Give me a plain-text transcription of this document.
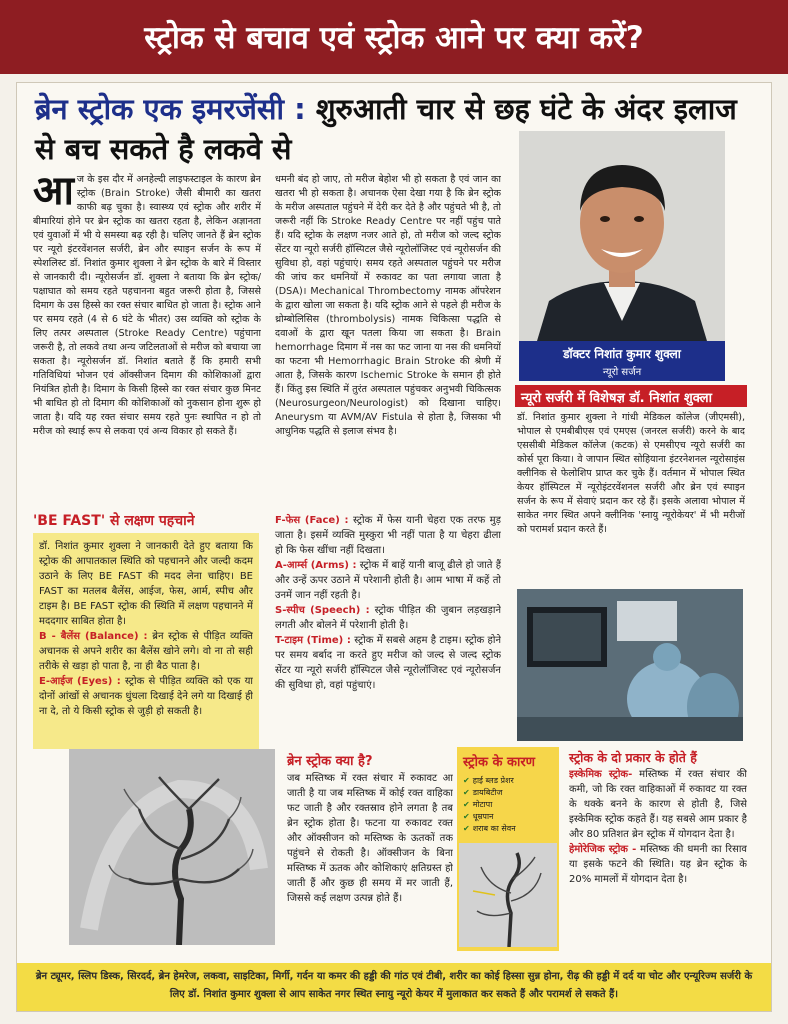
स्ट्रोक से बचाव एवं स्ट्रोक आने पर क्या करें?
ब्रेन स्ट्रोक एक इमरजेंसी : शुरुआती चार से छह घंटे के अंदर इलाज से बच सकते है लकवे से
आ ज के इस दौर में अनहेल्दी लाइफस्टाइल के कारण ब्रेन स्ट्रोक (Brain Stroke) जैसी बीमारी का खतरा काफी बढ़ चुका है। स्वास्थ्य एवं स्ट्रोक और शरीर में बीमारियां होने पर ब्रेन स्ट्रोक का खतरा रहता है, लेकिन अज्ञानता एवं युवाओं में भी ये समस्या बढ़ रही है। चलिए जानते हैं ब्रेन स्ट्रोक पर न्यूरो इंटरवेंशनल सर्जरी, ब्रेन और स्पाइन सर्जन के रूप में स्पेशलिस्ट डॉ. निशांत कुमार शुक्ला ने ब्रेन स्ट्रोक के बारे में विस्तार से जानकारी दी। न्यूरोसर्जन डॉ. शुक्ला ने बताया कि ब्रेन स्ट्रोक/पक्षाघात को समय रहते पहचानना बहुत जरूरी होता है, जिससे दिमाग के उस हिस्से का रक्त संचार बाधित हो जाता है। स्ट्रोक आने पर समय रहते (4 से 6 घंटे के भीतर) उस व्यक्ति को स्ट्रोक के लिए तत्पर अस्पताल (Stroke Ready Centre) पहुंचाना जरूरी है, तो लकवे तथा अन्य जटिलताओं से मरीज को बचाया जा सकता है। न्यूरोसर्जन डॉ. निशांत बताते हैं कि हमारी सभी गतिविधियां भोजन एवं ऑक्सीजन दिमाग की कोशिकाओं द्वारा नियंत्रित होती है। दिमाग के किसी हिस्से का रक्त संचार कुछ मिनट भी बाधित हो तो दिमाग की कोशिकाओं को नुकसान होना शुरू हो जाता है। यदि यह रक्त संचार समय रहते पुनः स्थापित न हो तो मरीज को स्थाई रूप से लकवा एवं अन्य विकार हो सकते हैं।
धमनी बंद हो जाए, तो मरीज बेहोश भी हो सकता है एवं जान का खतरा भी हो सकता है। अचानक ऐसा देखा गया है कि ब्रेन स्ट्रोक के मरीज अस्पताल पहुंचने में देरी कर देते है और पहुंचते भी है, तो जरूरी नहीं कि Stroke Ready Centre पर नहीं पहुंच पाते हैं। यदि स्ट्रोक के लक्षण नजर आते हो, तो मरीज को जल्द स्ट्रोक सेंटर या न्यूरो सर्जरी हॉस्पिटल जैसे न्यूरोलॉजिस्ट एवं न्यूरोसर्जन की सुविधा हो, वहां पहुंचाएं। समय रहते अस्पताल पहुंचने पर मरीज की जांच कर धमनियों में रुकावट का पता लगाया जाता है (DSA)। Mechanical Thrombectomy नामक ऑपरेशन के द्वारा खोला जा सकता है। यदि स्ट्रोक आने से पहले ही मरीज के थ्रोम्बोलिसिस (thrombolysis) नामक चिकित्सा पद्धति से दवाओं के द्वारा खून पतला किया जा सकता है। Brain hemorrhage दिमाग में नस का फट जाना या नस की धमनियों का फटना भी Hemorrhagic Brain Stroke की श्रेणी में आता है, जिसके कारण Ischemic Stroke के समान ही होते हैं। किंतु इस स्थिति में तुरंत अस्पताल पहुंचकर अनुभवी चिकित्सक (Neurosurgeon/Neurologist) को दिखाना चाहिए। Aneurysm या AVM/AV Fistula से होता है, जिसका भी आधुनिक पद्धति से इलाज संभव है।
डॉक्टर निशांत कुमार शुक्ला
न्यूरो सर्जन
न्यूरो सर्जरी में विशेषज्ञ डॉ. निशांत शुक्ला
डॉ. निशांत कुमार शुक्ला ने गांधी मेडिकल कॉलेज (जीएमसी), भोपाल से एमबीबीएस एवं एमएस (जनरल सर्जरी) करने के बाद एससीबी मेडिकल कॉलेज (कटक) से एमसीएच न्यूरो सर्जरी का कोर्स पूरा किया। वे जापान स्थित सोहियाना इंटरनेशनल न्यूरोसाइंस क्लीनिक से फेलोशिप प्राप्त कर चुके हैं। वर्तमान में भोपाल स्थित केयर हॉस्पिटल में न्यूरोइंटरवेंशनल सर्जरी और ब्रेन एवं स्पाइन सर्जन के रूप में सेवाएं प्रदान कर रहे हैं। इसके अलावा भोपाल में साकेत नगर स्थित अपने क्लीनिक 'स्नायु न्यूरोकेयर' में भी मरीजों को परामर्श प्रदान करते हैं।
'BE FAST' से लक्षण पहचाने
डॉ. निशांत कुमार शुक्ला ने जानकारी देते हुए बताया कि स्ट्रोक की आपातकाल स्थिति को पहचानने और जल्दी कदम उठाने के लिए BE FAST की मदद लेना चाहिए। BE FAST का मतलब बैलेंस, आईज, फेस, आर्म, स्पीच और टाइम है। BE FAST स्ट्रोक की स्थिति में लक्षण पहचानने में मददगार साबित होता है।
B - बैलेंस (Balance) : ब्रेन स्ट्रोक से पीड़ित व्यक्ति अचानक से अपने शरीर का बैलेंस खोने लगे। वो ना तो सही तरीके से खड़ा हो पाता है, ना ही बैठ पाता है।
E-आईज (Eyes) : स्ट्रोक से पीड़ित व्यक्ति को एक या दोनों आंखों से अचानक धुंधला दिखाई देने लगे या दिखाई ही ना दे, तो ये किसी स्ट्रोक से जुड़ी हो सकती है।
F-फेस (Face) : स्ट्रोक में फेस यानी चेहरा एक तरफ मुड़ जाता है। इसमें व्यक्ति मुस्कुरा भी नहीं पाता है या चेहरा ढीला हो कि फेस खींचा नहीं दिखता।
A-आर्म्स (Arms) : स्ट्रोक में बाहें यानी बाजू ढीले हो जाते हैं और उन्हें ऊपर उठाने में परेशानी होती है। आम भाषा में कहें तो उनमें जान नहीं रहती है।
S-स्पीच (Speech) : स्ट्रोक पीड़ित की जुबान लड़खड़ाने लगती और बोलने में परेशानी होती है।
T-टाइम (Time) : स्ट्रोक में सबसे अहम है टाइम। स्ट्रोक होने पर समय बर्बाद ना करते हुए मरीज को जल्द से जल्द स्ट्रोक सेंटर या न्यूरो सर्जरी हॉस्पिटल जैसे न्यूरोलॉजिस्ट एवं न्यूरोसर्जन की सुविधा हो, वहां पहुंचाएं।
ब्रेन स्ट्रोक क्या है?
जब मस्तिष्क में रक्त संचार में रुकावट आ जाती है या जब मस्तिष्क में कोई रक्त वाहिका फट जाती है और रक्तस्राव होने लगता है तब ब्रेन स्ट्रोक होता है। फटना या रुकावट रक्त और ऑक्सीजन को मस्तिष्क के ऊतकों तक पहुंचने से रोकती है। ऑक्सीजन के बिना मस्तिष्क में ऊतक और कोशिकाएं क्षतिग्रस्त हो जाती हैं और कुछ ही समय में मर जाती हैं, जिससे कई लक्षण उत्पन्न होते हैं।
स्ट्रोक के कारण
✔ हाई ब्लड प्रेशर
✔ डायबिटीज
✔ मोटापा
✔ धूम्रपान
✔ शराब का सेवन
स्ट्रोक के दो प्रकार के होते हैं
इस्केमिक स्ट्रोक- मस्तिष्क में रक्त संचार की कमी, जो कि रक्त वाहिकाओं में रुकावट या रक्त के थक्के बनने के कारण से होती है, जिसे इस्केमिक स्ट्रोक कहते हैं। यह सबसे आम प्रकार है और 80 प्रतिशत ब्रेन स्ट्रोक में योगदान देता है।
हेमोरेजिक स्ट्रोक - मस्तिष्क की धमनी का रिसाव या इसके फटने की स्थिति। यह ब्रेन स्ट्रोक के 20% मामलों में योगदान देता है।
ब्रेन ट्यूमर, स्लिप डिस्क, सिरदर्द, ब्रेन हेमरेज, लकवा, साइटिका, मिर्गी, गर्दन या कमर की हड्डी की गांठ एवं टीबी, शरीर का कोई हिस्सा सुन्न होना, रीढ़ की हड्डी में दर्द या चोट और एन्यूरिज्म सर्जरी के लिए डॉ. निशांत कुमार शुक्ला से आप साकेत नगर स्थित स्नायु न्यूरो केयर में मुलाकात कर सकते हैं और परामर्श ले सकते हैं।
